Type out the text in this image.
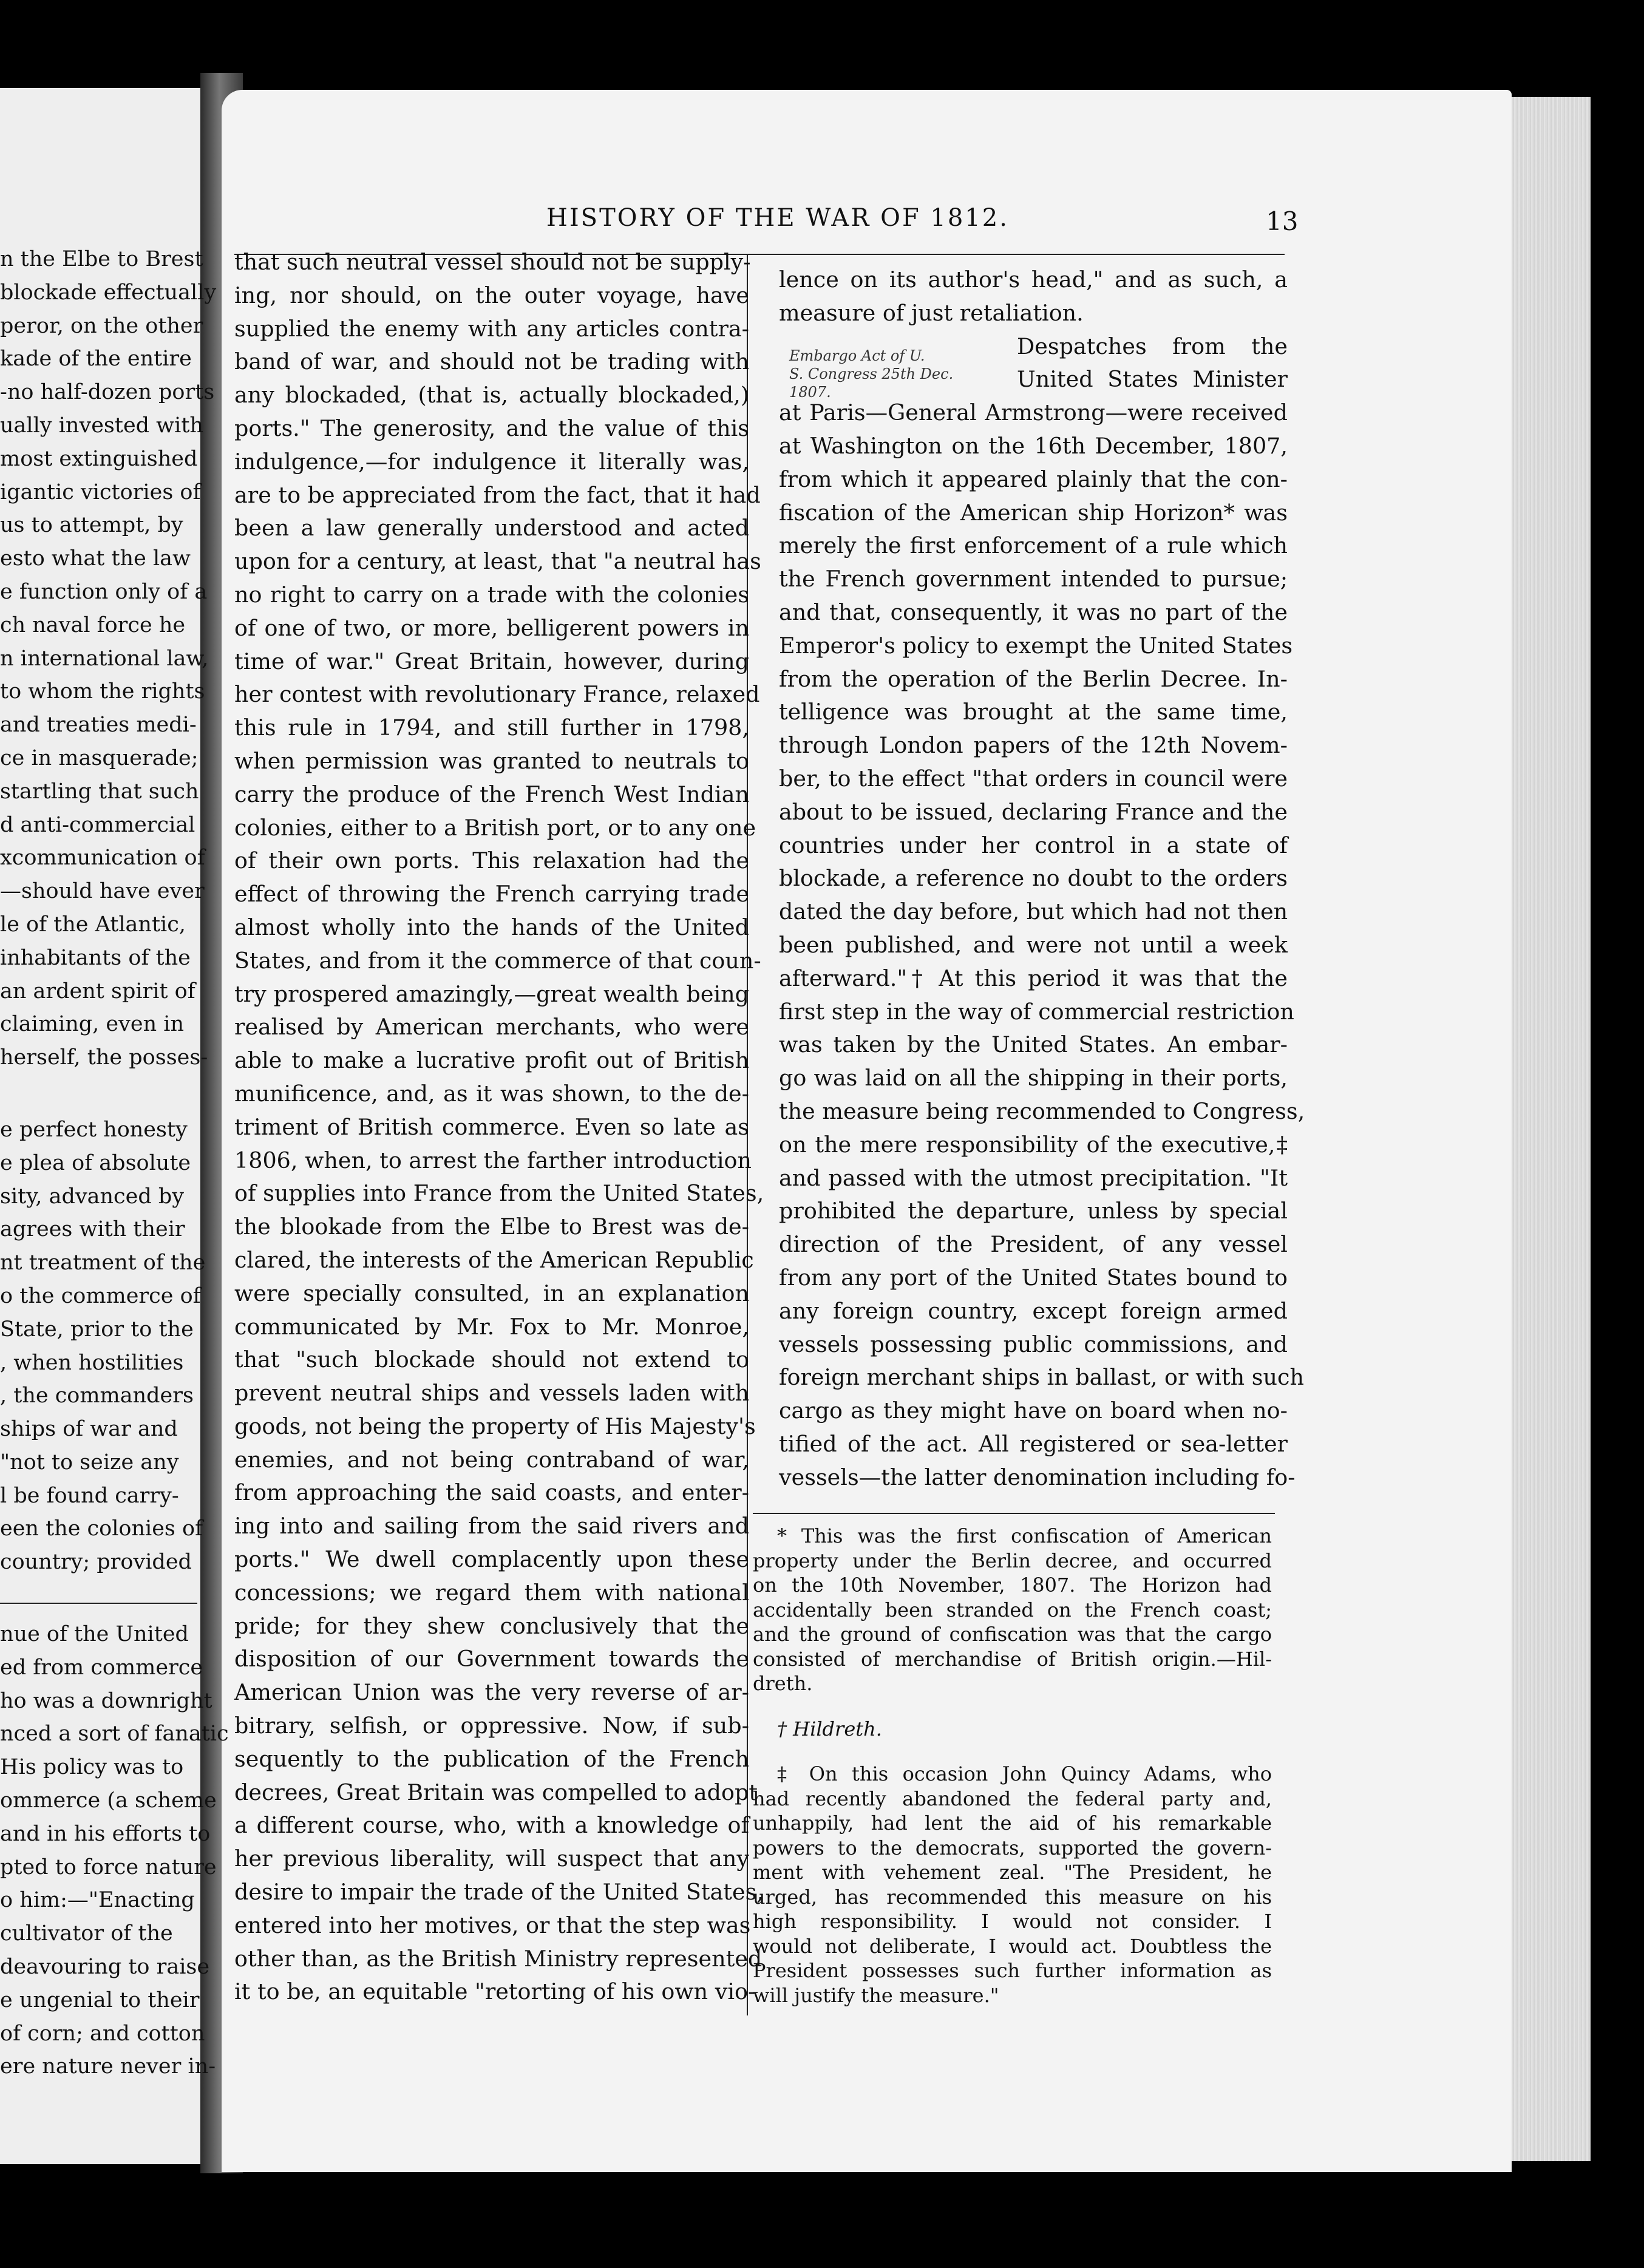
HISTORY OF THE WAR OF 1812.	13

n the Elbe to Brest

blockade effectually

peror, on the other

kade of the entire

-no half-dozen ports

ually invested with

most extinguished

igantic victories of

us to attempt, by

esto what the law

e function only of a

ch naval force he

n international law,

to whom the rights

and treaties medi-

ce in masquerade;

startling that such

d anti-commercial

xcommunication of

—should have ever

le of the Atlantic,

inhabitants of the

an ardent spirit of

claiming, even in

herself, the posses-

e perfect honesty

e plea of absolute

sity, advanced by

agrees with their

nt treatment of the

o the commerce of

State, prior to the

, when hostilities

, the commanders

ships of war and

"not to seize any

l be found carry-

een the colonies of

country; provided

nue of the United

ed from commerce

ho was a downright

nced a sort of fanatic

His policy was to

ommerce (a scheme

and in his efforts to

pted to force nature

o him:—"Enacting

cultivator of the

deavouring to raise

e ungenial to their

of corn; and cotton

ere nature never in-

that such neutral vessel should not be supply-

ing, nor should, on the outer voyage, have

supplied the enemy with any articles contra-

band of war, and should not be trading with

any blockaded, (that is, actually blockaded,)

ports." The generosity, and the value of this

indulgence,—for indulgence it literally was,

are to be appreciated from the fact, that it had

been a law generally understood and acted

upon for a century, at least, that "a neutral has

no right to carry on a trade with the colonies

of one of two, or more, belligerent powers in

time of war." Great Britain, however, during

her contest with revolutionary France, relaxed

this rule in 1794, and still further in 1798,

when permission was granted to neutrals to

carry the produce of the French West Indian

colonies, either to a British port, or to any one

of their own ports. This relaxation had the

effect of throwing the French carrying trade

almost wholly into the hands of the United

States, and from it the commerce of that coun-

try prospered amazingly,—great wealth being

realised by American merchants, who were

able to make a lucrative profit out of British

munificence, and, as it was shown, to the de-

triment of British commerce. Even so late as

1806, when, to arrest the farther introduction

of supplies into France from the United States,

the blookade from the Elbe to Brest was de-

clared, the interests of the American Republic

were specially consulted, in an explanation

communicated by Mr. Fox to Mr. Monroe,

that "such blockade should not extend to

prevent neutral ships and vessels laden with

goods, not being the property of His Majesty's

enemies, and not being contraband of war,

from approaching the said coasts, and enter-

ing into and sailing from the said rivers and

ports." We dwell complacently upon these

concessions; we regard them with national

pride; for they shew conclusively that the

disposition of our Government towards the

American Union was the very reverse of ar-

bitrary, selfish, or oppressive. Now, if sub-

sequently to the publication of the French

decrees, Great Britain was compelled to adopt

a different course, who, with a knowledge of

her previous liberality, will suspect that any

desire to impair the trade of the United States,

entered into her motives, or that the step was

other than, as the British Ministry represented

it to be, an equitable "retorting of his own vio-

lence on its author's head," and as such, a

measure of just retaliation.

Despatches from the

United States Minister

at Paris—General Armstrong—were received

at Washington on the 16th December, 1807,

from which it appeared plainly that the con-

fiscation of the American ship Horizon* was

merely the first enforcement of a rule which

the French government intended to pursue;

and that, consequently, it was no part of the

Emperor's policy to exempt the United States

from the operation of the Berlin Decree. In-

telligence was brought at the same time,

through London papers of the 12th Novem-

ber, to the effect "that orders in council were

about to be issued, declaring France and the

countries under her control in a state of

blockade, a reference no doubt to the orders

dated the day before, but which had not then

been published, and were not until a week

afterward."† At this period it was that the

first step in the way of commercial restriction

was taken by the United States. An embar-

go was laid on all the shipping in their ports,

the measure being recommended to Congress,

on the mere responsibility of the executive,‡

and passed with the utmost precipitation. "It

prohibited the departure, unless by special

direction of the President, of any vessel

from any port of the United States bound to

any foreign country, except foreign armed

vessels possessing public commissions, and

foreign merchant ships in ballast, or with such

cargo as they might have on board when no-

tified of the act. All registered or sea-letter

vessels—the latter denomination including fo-

Embargo Act of U.

S. Congress 25th Dec.

1807.

* This was the first confiscation of American

property under the Berlin decree, and occurred

on the 10th November, 1807. The Horizon had

accidentally been stranded on the French coast;

and the ground of confiscation was that the cargo

consisted of merchandise of British origin.—Hil-

dreth.

† Hildreth.

‡ On this occasion John Quincy Adams, who

had recently abandoned the federal party and,

unhappily, had lent the aid of his remarkable

powers to the democrats, supported the govern-

ment with vehement zeal. "The President, he

urged, has recommended this measure on his

high responsibility. I would not consider. I

would not deliberate, I would act. Doubtless the

President possesses such further information as

will justify the measure."
